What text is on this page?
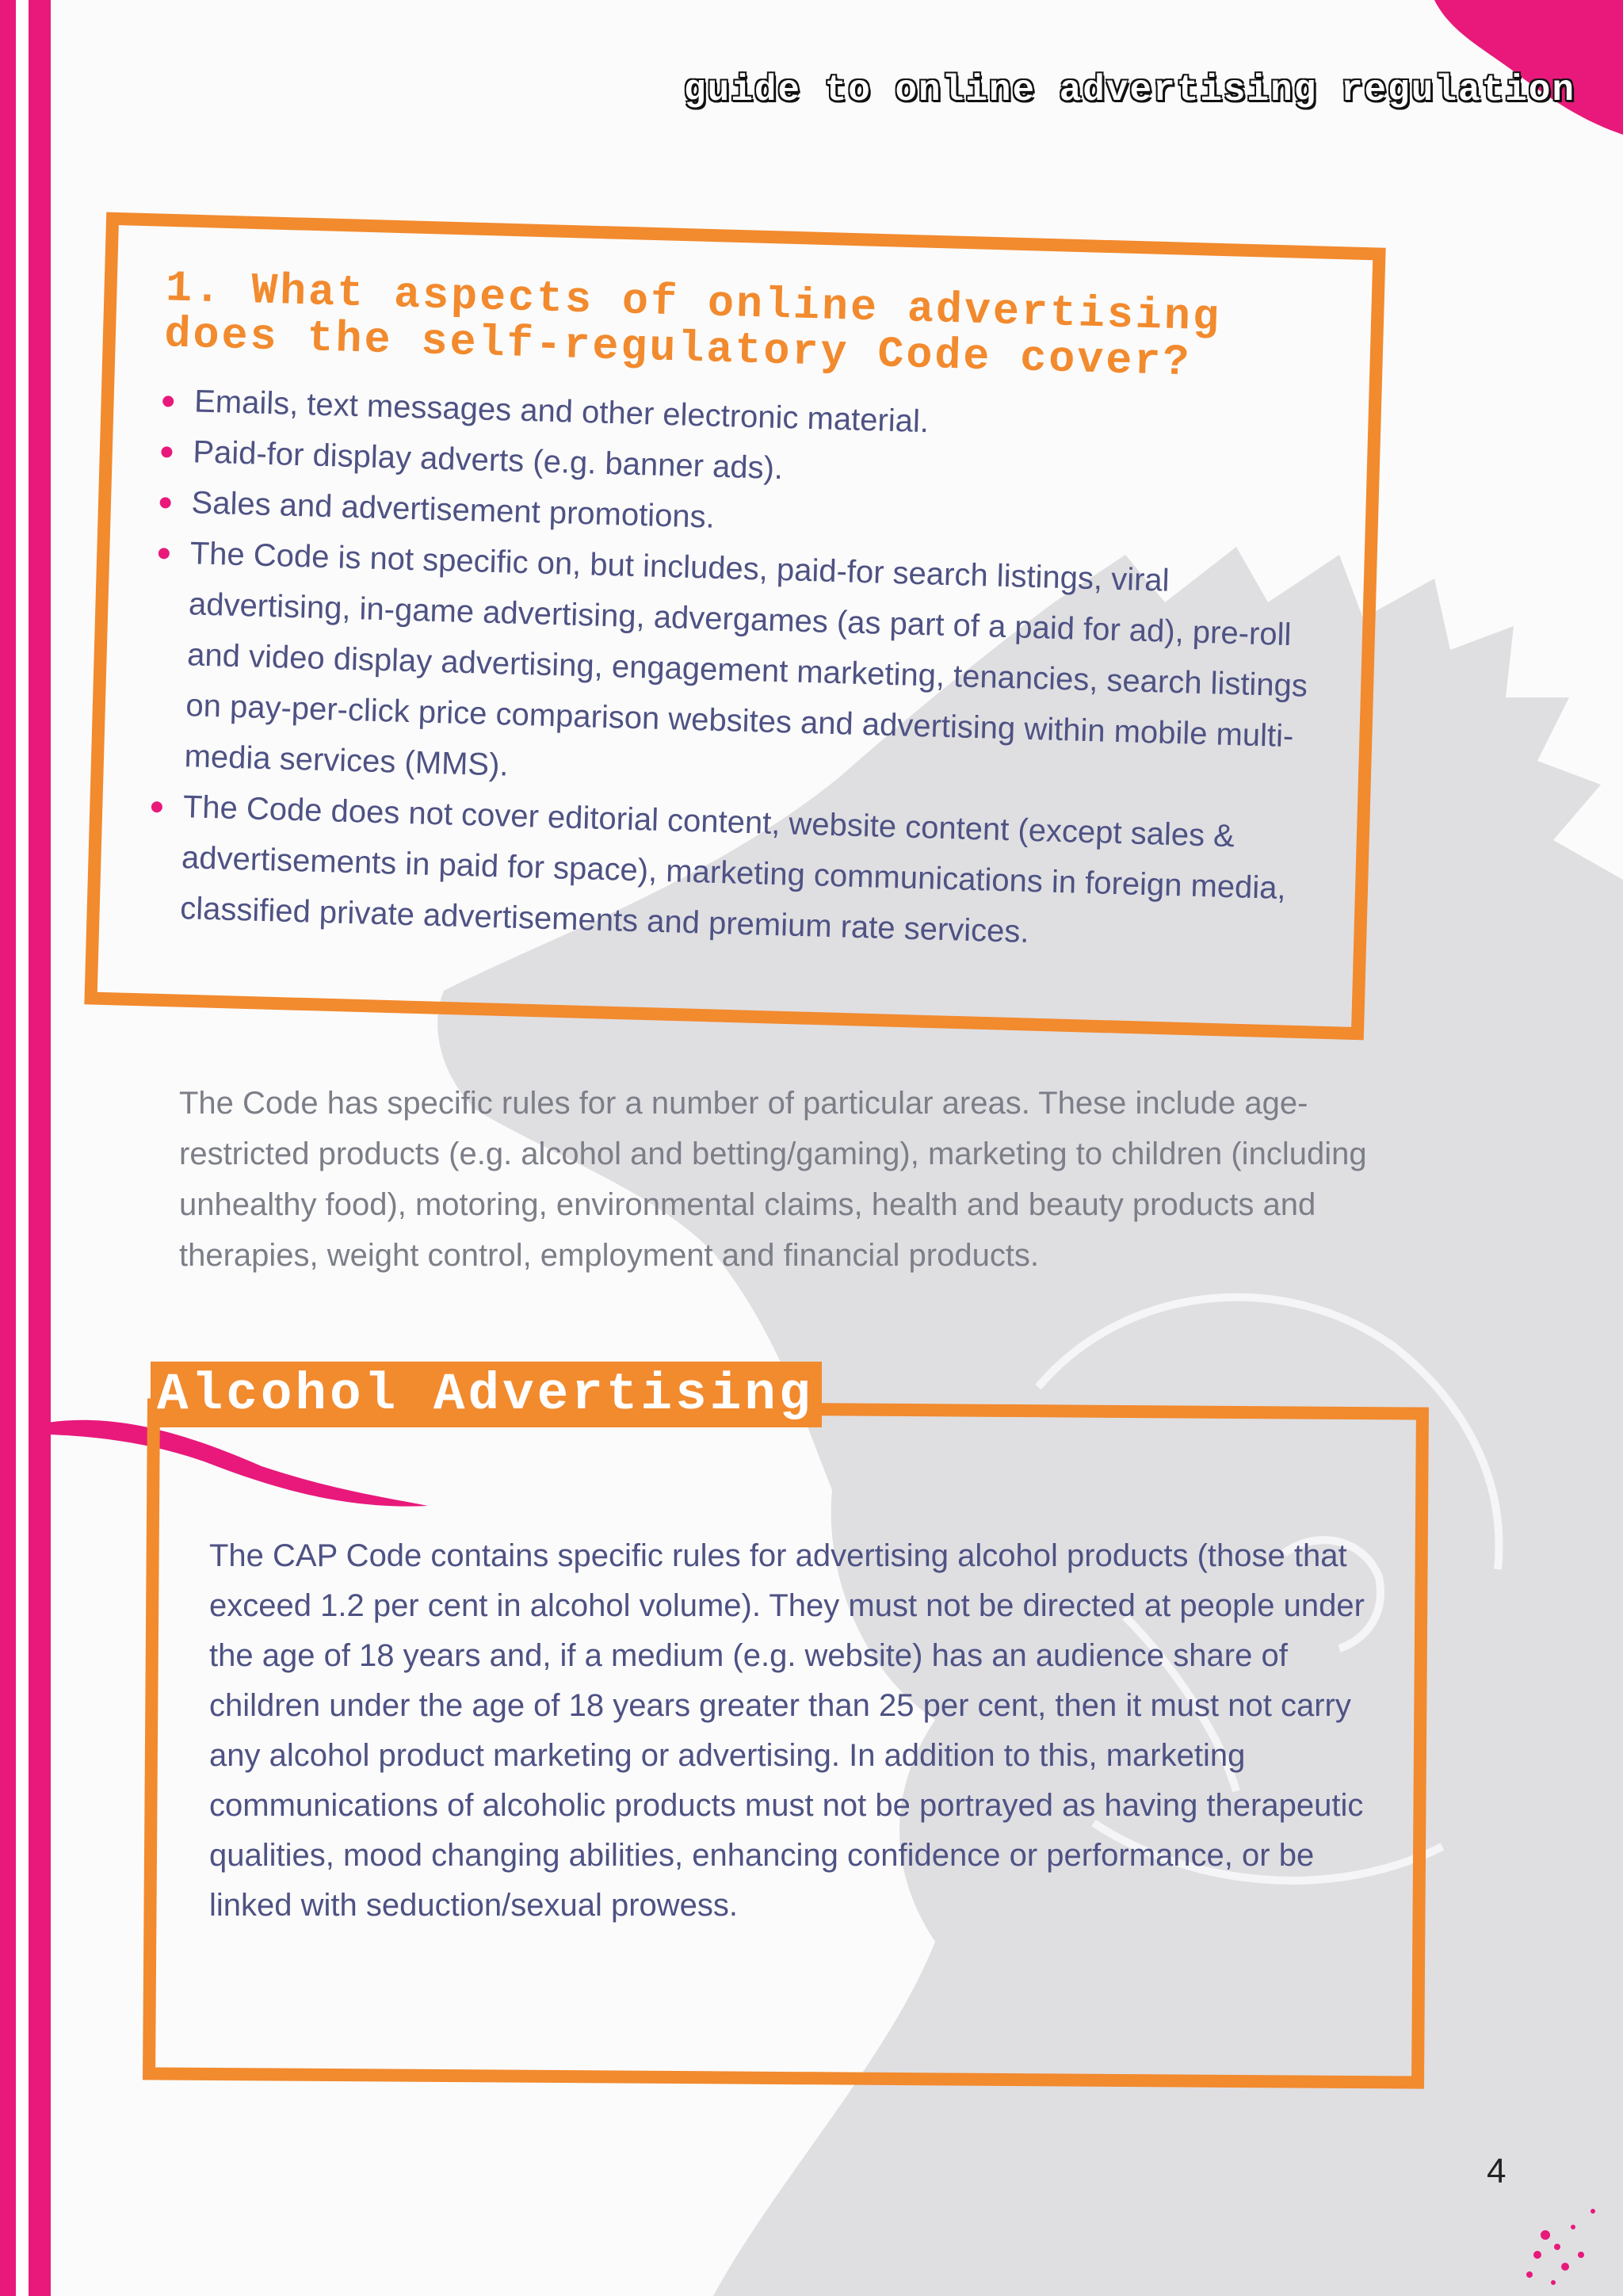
guide to online advertising regulation
1. What aspects of online advertising does the self-regulatory Code cover?
Emails, text messages and other electronic material.
Paid-for display adverts (e.g. banner ads).
Sales and advertisement promotions.
The Code is not specific on, but includes, paid-for search listings, viral advertising, in-game advertising, advergames (as part of a paid for ad), pre-roll and video display advertising, engagement marketing, tenancies, search listings on pay-per-click price comparison websites and advertising within mobile multi-media services (MMS).
The Code does not cover editorial content, website content (except sales & advertisements in paid for space), marketing communications in foreign media, classified private advertisements and premium rate services.

The Code has specific rules for a number of particular areas. These include age-restricted products (e.g. alcohol and betting/gaming), marketing to children (including unhealthy food), motoring, environmental claims, health and beauty products and therapies, weight control, employment and financial products.

Alcohol Advertising

The CAP Code contains specific rules for advertising alcohol products (those that exceed 1.2 per cent in alcohol volume). They must not be directed at people under the age of 18 years and, if a medium (e.g. website) has an audience share of children under the age of 18 years greater than 25 per cent, then it must not carry any alcohol product marketing or advertising. In addition to this, marketing communications of alcoholic products must not be portrayed as having therapeutic qualities, mood changing abilities, enhancing confidence or performance, or be linked with seduction/sexual prowess.

4
